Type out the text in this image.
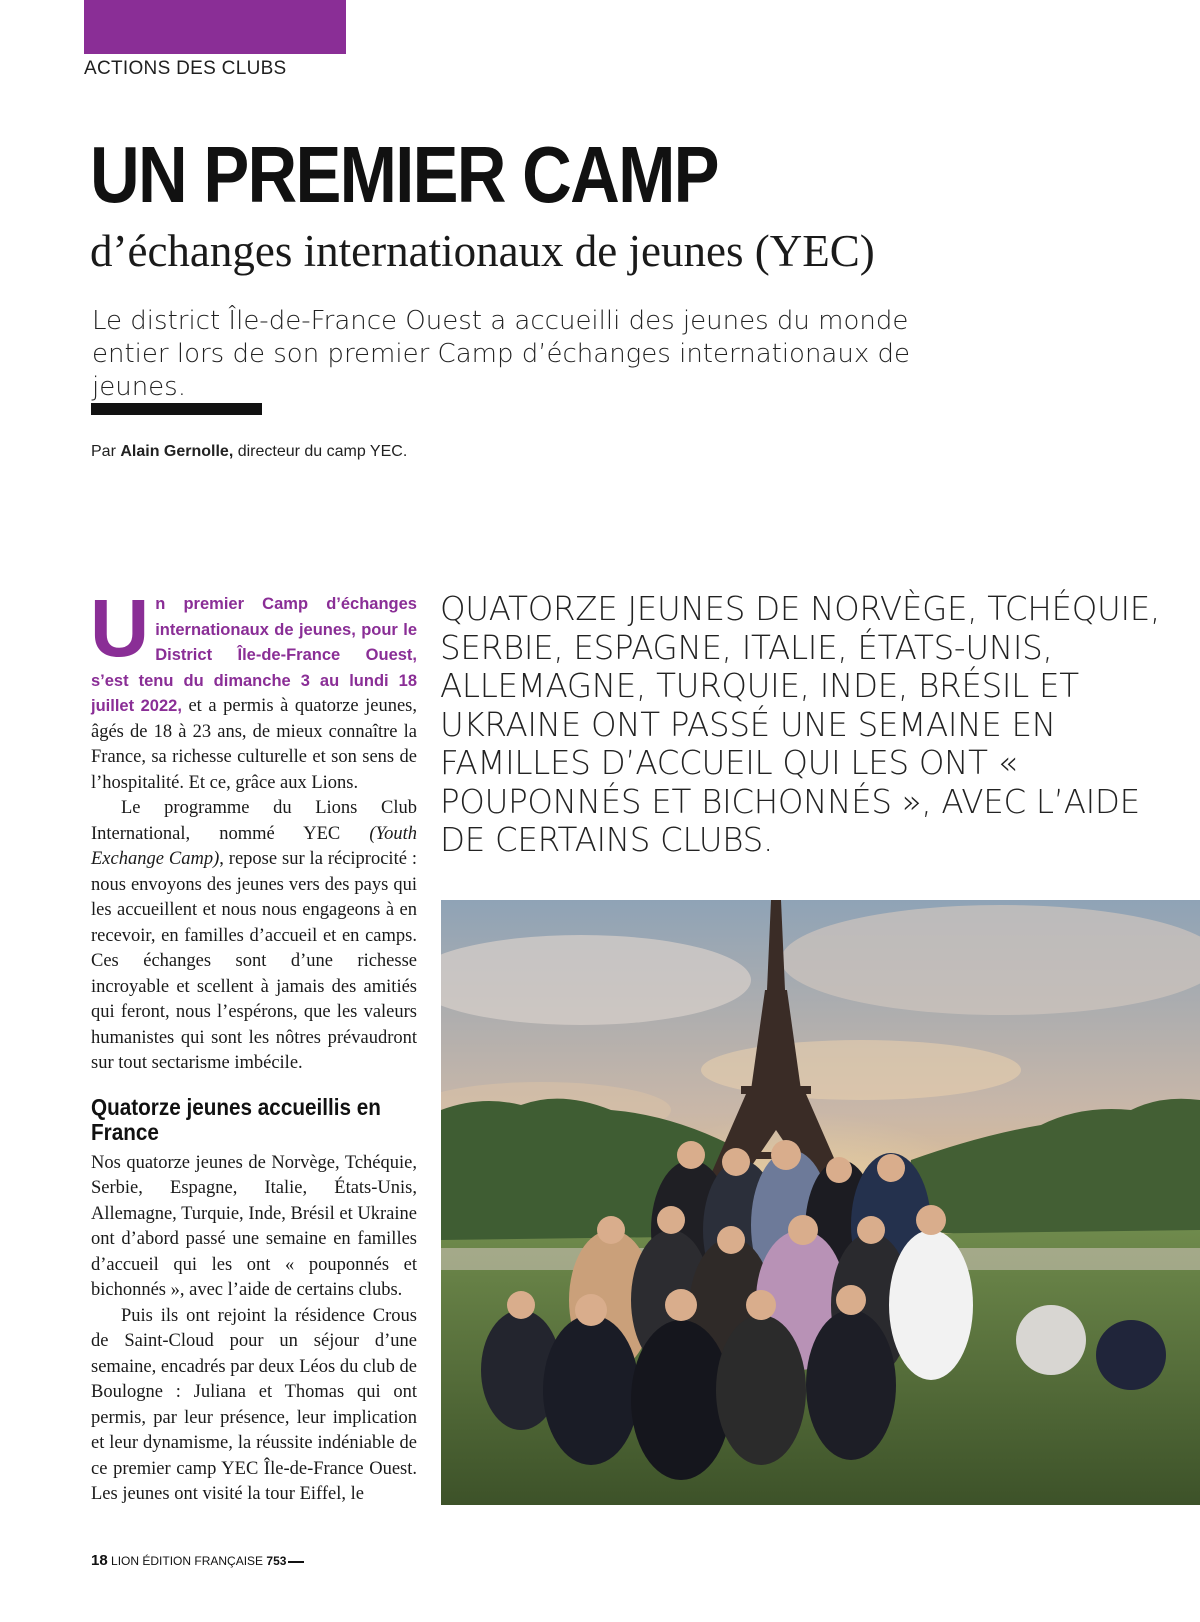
ACTIONS DES CLUBS
UN PREMIER CAMP
d’échanges internationaux de jeunes (YEC)

Le district Île-de-France Ouest a accueilli des jeunes du monde entier lors de son premier Camp d’échanges internationaux de jeunes.

Par Alain Gernolle, directeur du camp YEC.

Un premier Camp d’échanges internationaux de jeunes, pour le District Île-de-France Ouest, s’est tenu du dimanche 3 au lundi 18 juillet 2022, et a permis à quatorze jeunes, âgés de 18 à 23 ans, de mieux connaître la France, sa richesse culturelle et son sens de l’hospitalité. Et ce, grâce aux Lions.

Le programme du Lions Club International, nommé YEC (Youth Exchange Camp), repose sur la réciprocité : nous envoyons des jeunes vers des pays qui les accueillent et nous nous engageons à en recevoir, en familles d’accueil et en camps. Ces échanges sont d’une richesse incroyable et scellent à jamais des amitiés qui feront, nous l’espérons, que les valeurs humanistes qui sont les nôtres prévaudront sur tout sectarisme imbécile.

Quatorze jeunes accueillis en France

Nos quatorze jeunes de Norvège, Tchéquie, Serbie, Espagne, Italie, États-Unis, Allemagne, Turquie, Inde, Brésil et Ukraine ont d’abord passé une semaine en familles d’accueil qui les ont « pouponnés et bichonnés », avec l’aide de certains clubs.

Puis ils ont rejoint la résidence Crous de Saint-Cloud pour un séjour d’une semaine, encadrés par deux Léos du club de Boulogne : Juliana et Thomas qui ont permis, par leur présence, leur implication et leur dynamisme, la réussite indéniable de ce premier camp YEC Île-de-France Ouest. Les jeunes ont visité la tour Eiffel, le

QUATORZE JEUNES DE NORVÈGE, TCHÉQUIE, SERBIE, ESPAGNE, ITALIE, ÉTATS-UNIS, ALLEMAGNE, TURQUIE, INDE, BRÉSIL ET UKRAINE ONT PASSÉ UNE SEMAINE EN FAMILLES D’ACCUEIL QUI LES ONT « POUPONNÉS ET BICHONNÉS », AVEC L’AIDE DE CERTAINS CLUBS.

18 LION ÉDITION FRANÇAISE 753
